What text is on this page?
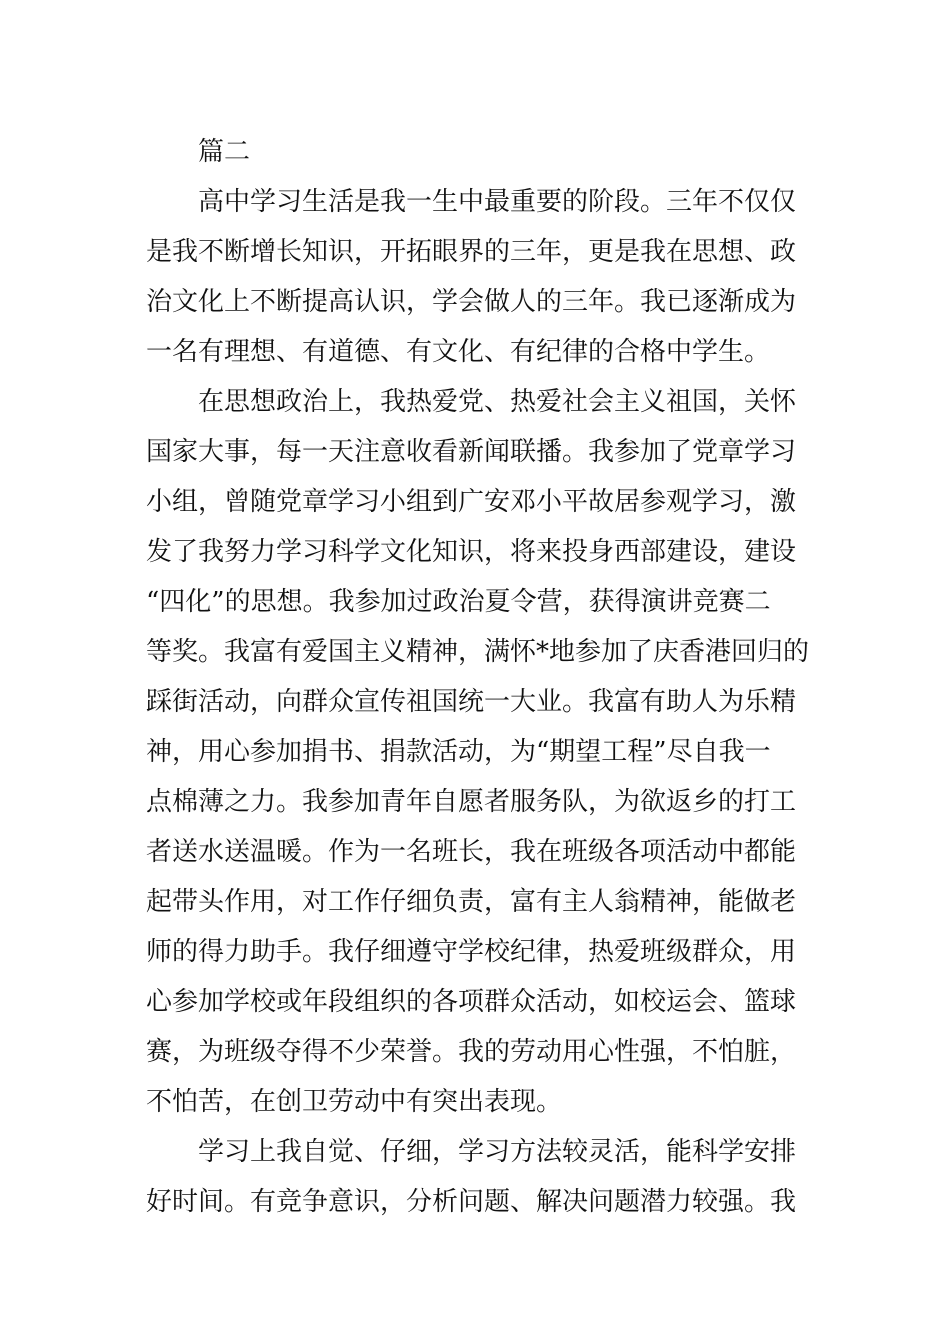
篇二
高中学习生活是我一生中最重要的阶段。三年不仅仅
是我不断增长知识，开拓眼界的三年，更是我在思想、政
治文化上不断提高认识，学会做人的三年。我已逐渐成为
一名有理想、有道德、有文化、有纪律的合格中学生。
在思想政治上，我热爱党、热爱社会主义祖国，关怀
国家大事，每一天注意收看新闻联播。我参加了党章学习
小组，曾随党章学习小组到广安邓小平故居参观学习，激
发了我努力学习科学文化知识，将来投身西部建设，建设
“四化”的思想。我参加过政治夏令营，获得演讲竞赛二
等奖。我富有爱国主义精神，满怀*地参加了庆香港回归的
踩街活动，向群众宣传祖国统一大业。我富有助人为乐精
神，用心参加捐书、捐款活动，为“期望工程”尽自我一
点棉薄之力。我参加青年自愿者服务队，为欲返乡的打工
者送水送温暖。作为一名班长，我在班级各项活动中都能
起带头作用，对工作仔细负责，富有主人翁精神，能做老
师的得力助手。我仔细遵守学校纪律，热爱班级群众，用
心参加学校或年段组织的各项群众活动，如校运会、篮球
赛，为班级夺得不少荣誉。我的劳动用心性强，不怕脏，
不怕苦，在创卫劳动中有突出表现。
学习上我自觉、仔细，学习方法较灵活，能科学安排
好时间。有竞争意识，分析问题、解决问题潜力较强。我
